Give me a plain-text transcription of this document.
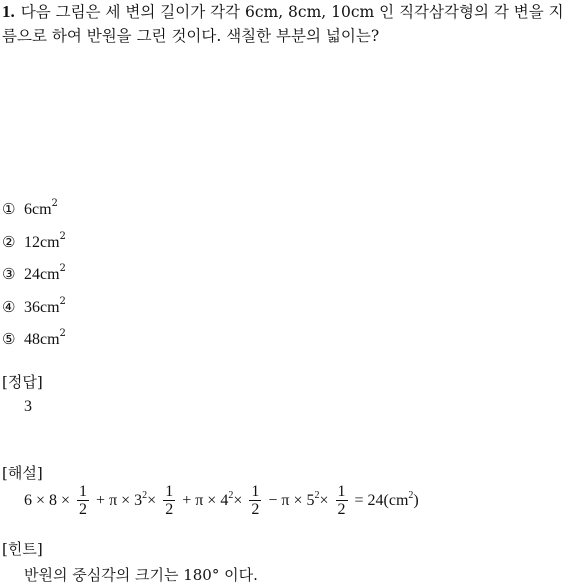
1. 다음 그림은 세 변의 길이가 각각 6cm, 8cm, 10cm 인 직각삼각형의 각 변을 지름으로 하여 반원을 그린 것이다. 색칠한 부분의 넓이는?
① $6cm^2$
② $12cm^2$
③ $24cm^2$
④ $36cm^2$
⑤ $48cm^2$
[정답]
3
[해설]
$6 \times 8 \times \frac{1}{2} + \pi \times 3^2\times \frac{1}{2} + \pi \times 4^2\times \frac{1}{2} - \pi \times 5^2\times \frac{1}{2} = 24(cm^2)$
[힌트]
반원의 중심각의 크기는 180° 이다.
